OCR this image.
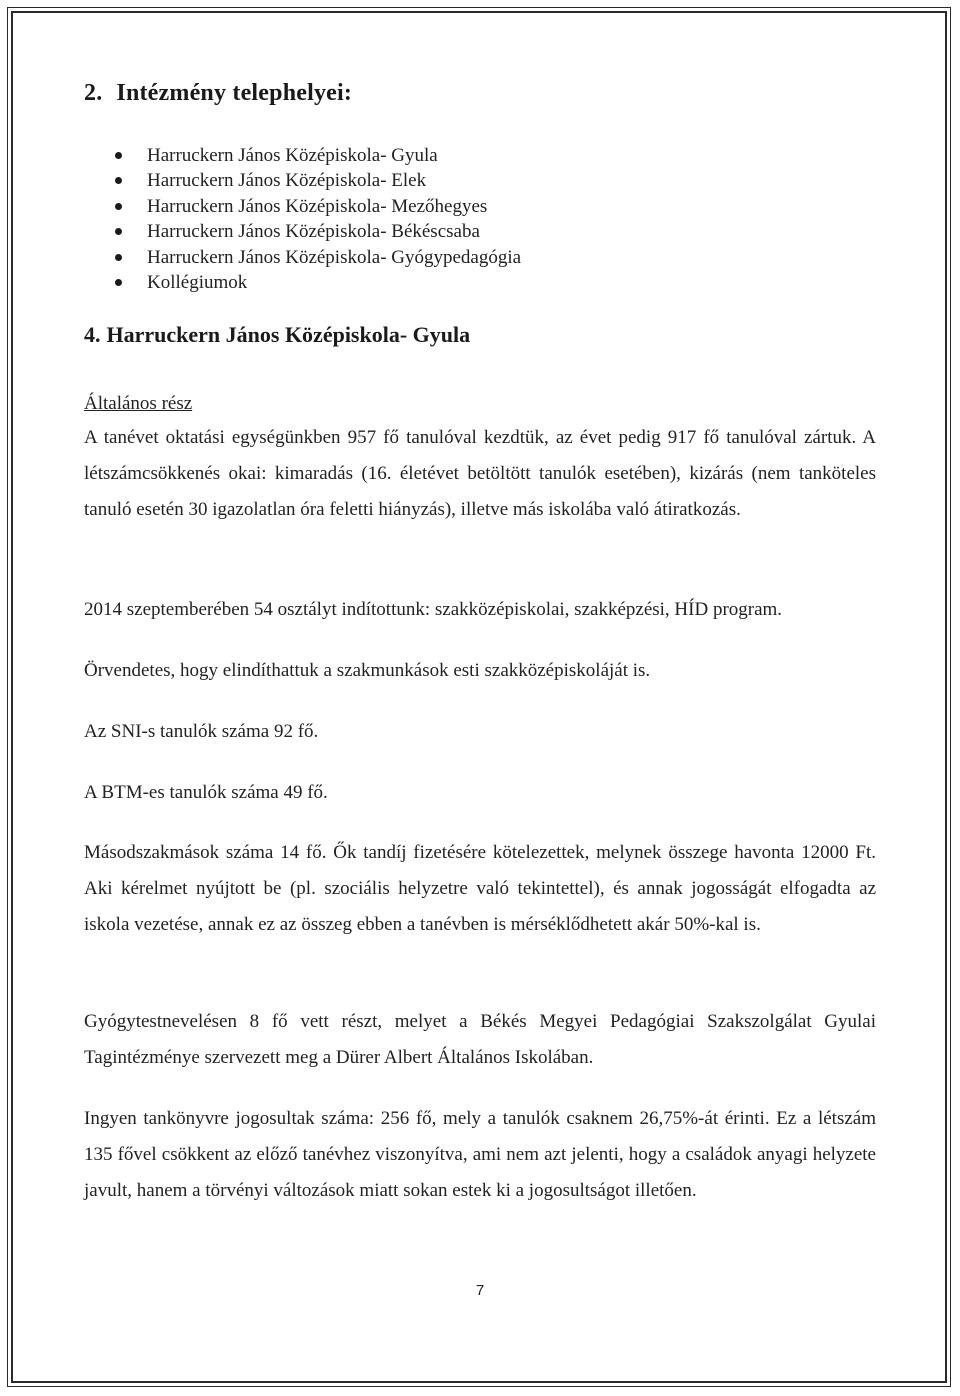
2. Intézmény telephelyei:
Harruckern János Középiskola- Gyula
Harruckern János Középiskola- Elek
Harruckern János Középiskola- Mezőhegyes
Harruckern János Középiskola- Békéscsaba
Harruckern János Középiskola- Gyógypedagógia
Kollégiumok
4. Harruckern János Középiskola- Gyula

Általános rész

A tanévet oktatási egységünkben 957 fő tanulóval kezdtük, az évet pedig 917 fő tanulóval zártuk. A létszámcsökkenés okai: kimaradás (16. életévet betöltött tanulók esetében), kizárás (nem tanköteles tanuló esetén 30 igazolatlan óra feletti hiányzás), illetve más iskolába való átiratkozás.

2014 szeptemberében 54 osztályt indítottunk: szakközépiskolai, szakképzési, HÍD program.

Örvendetes, hogy elindíthattuk a szakmunkások esti szakközépiskoláját is.

Az SNI-s tanulók száma 92 fő.

A BTM-es tanulók száma 49 fő.

Másodszakmások száma 14 fő. Ők tandíj fizetésére kötelezettek, melynek összege havonta 12000 Ft. Aki kérelmet nyújtott be (pl. szociális helyzetre való tekintettel), és annak jogosságát elfogadta az iskola vezetése, annak ez az összeg ebben a tanévben is mérséklődhetett akár 50%-kal is.

Gyógytestnevelésen 8 fő vett részt, melyet a Békés Megyei Pedagógiai Szakszolgálat Gyulai Tagintézménye szervezett meg a Dürer Albert Általános Iskolában.

Ingyen tankönyvre jogosultak száma: 256 fő, mely a tanulók csaknem 26,75%-át érinti. Ez a létszám 135 fővel csökkent az előző tanévhez viszonyítva, ami nem azt jelenti, hogy a családok anyagi helyzete javult, hanem a törvényi változások miatt sokan estek ki a jogosultságot illetően.

7
